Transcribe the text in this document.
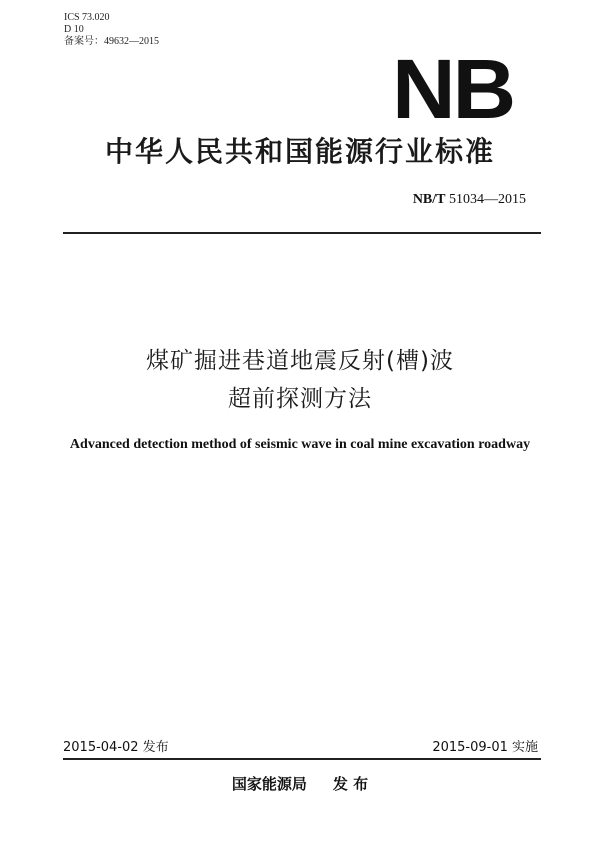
ICS 73.020
D 10
备案号：49632—2015
NB
中华人民共和国能源行业标准
NB/T 51034—2015
煤矿掘进巷道地震反射(槽)波
超前探测方法
Advanced detection method of seismic wave in coal mine excavation roadway
2015-04-02 发布	2015-09-01 实施
国家能源局 发 布
